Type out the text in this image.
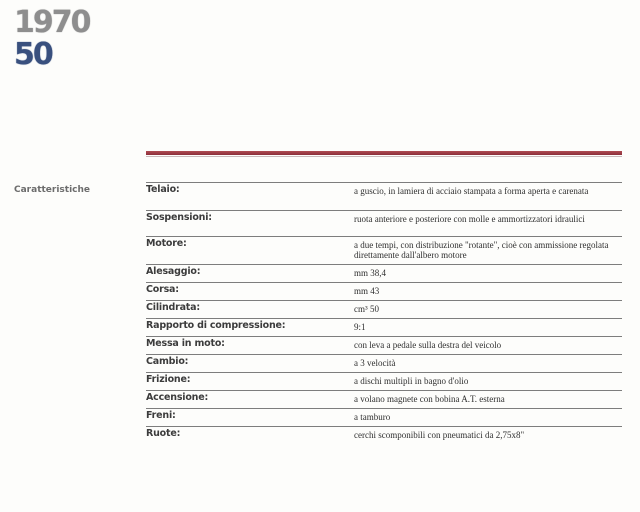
1970
50
Caratteristiche	Telaio:	a guscio, in lamiera di acciaio stampata a forma aperta e carenata
Sospensioni:	ruota anteriore e posteriore con molle e ammortizzatori idraulici
Motore:	a due tempi, con distribuzione "rotante", cioè con ammissione regolata direttamente dall'albero motore
Alesaggio:	mm 38,4
Corsa:	mm 43
Cilindrata:	cm³ 50
Rapporto di compressione:	9:1
Messa in moto:	con leva a pedale sulla destra del veicolo
Cambio:	a 3 velocità
Frizione:	a dischi multipli in bagno d'olio
Accensione:	a volano magnete con bobina A.T. esterna
Freni:	a tamburo
Ruote:	cerchi scomponibili con pneumatici da 2,75x8"
